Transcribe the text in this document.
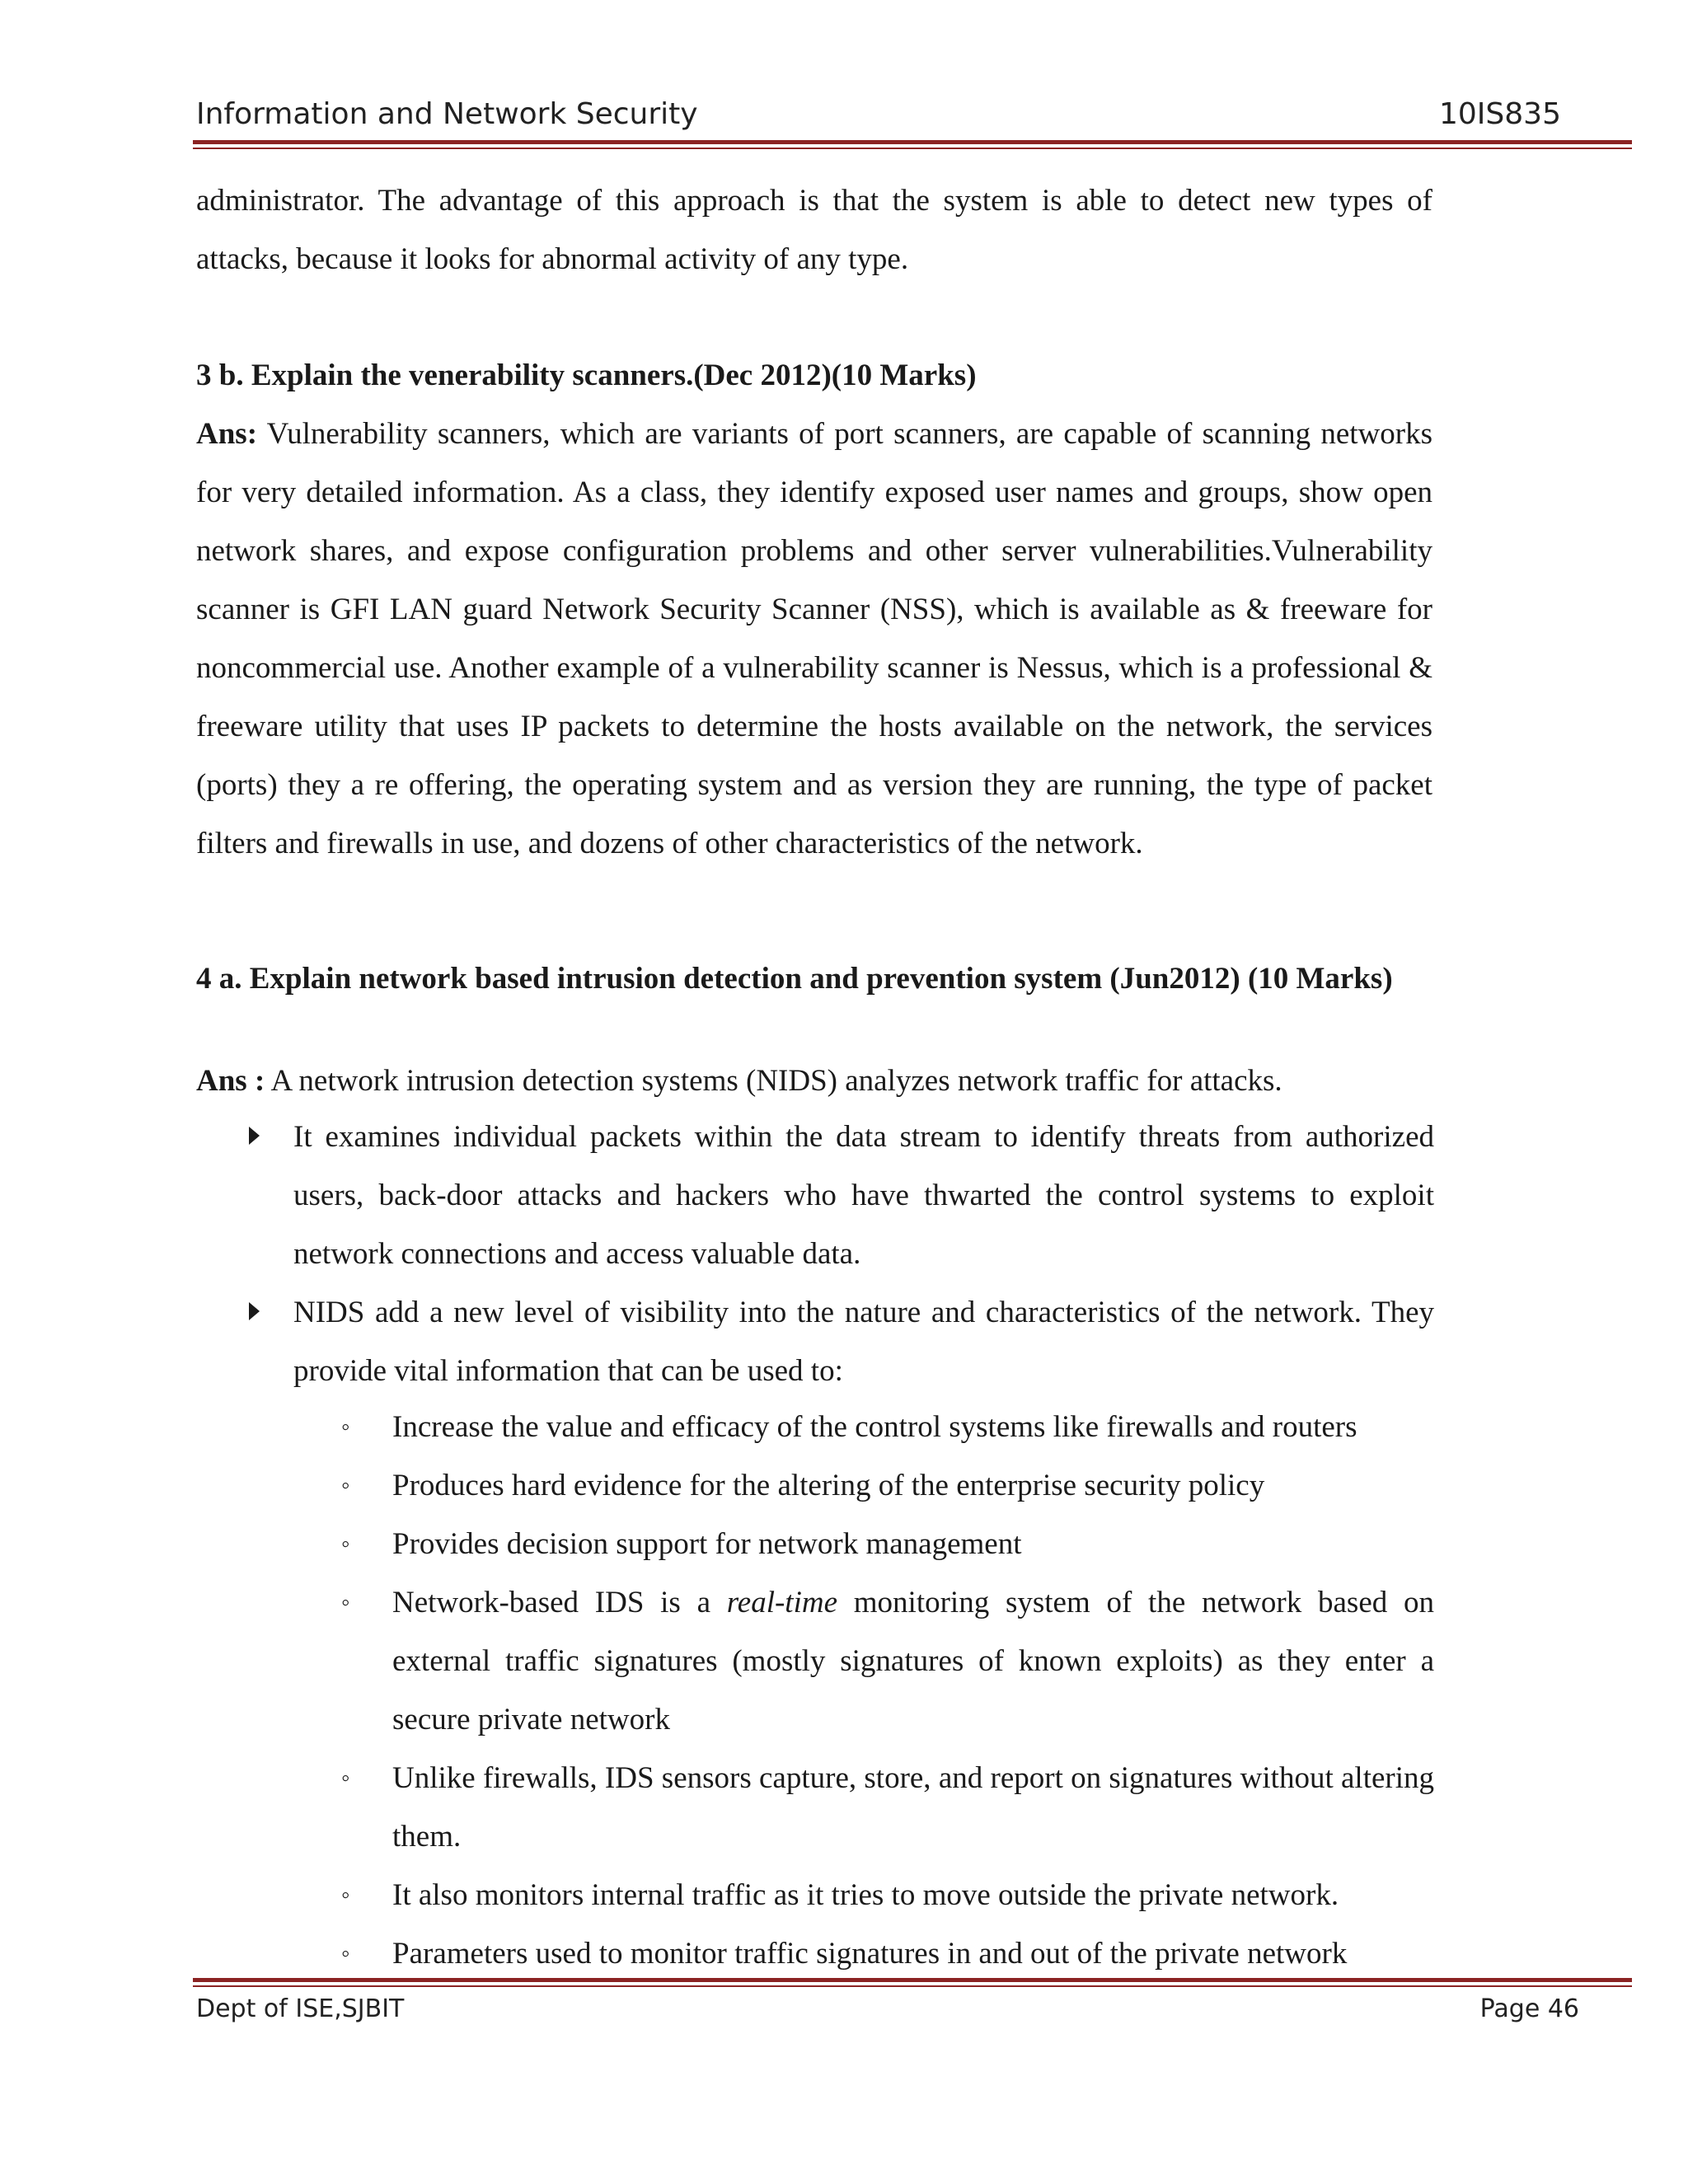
Information and Network Security	10IS835
administrator. The advantage of this approach is that the system is able to detect new types of attacks, because it looks for abnormal activity of any type.
3 b. Explain the venerability scanners.(Dec 2012)(10 Marks)
Ans: Vulnerability scanners, which are variants of port scanners, are capable of scanning networks for very detailed information. As a class, they identify exposed user names and groups, show open network shares, and expose configuration problems and other server vulnerabilities.Vulnerability scanner is GFI LAN guard Network Security Scanner (NSS), which is available as & freeware for noncommercial use. Another example of a vulnerability scanner is Nessus, which is a professional & freeware utility that uses IP packets to determine the hosts available on the network, the services (ports) they a re offering, the operating system and as version they are running, the type of packet filters and firewalls in use, and dozens of other characteristics of the network.
4 a. Explain network based intrusion detection and prevention system (Jun2012) (10 Marks)
Ans : A network intrusion detection systems (NIDS) analyzes network traffic for attacks.
It examines individual packets within the data stream to identify threats from authorized users, back-door attacks and hackers who have thwarted the control systems to exploit network connections and access valuable data.
NIDS add a new level of visibility into the nature and characteristics of the network. They provide vital information that can be used to:
◦ Increase the value and efficacy of the control systems like firewalls and routers
◦ Produces hard evidence for the altering of the enterprise security policy
◦ Provides decision support for network management
◦ Network-based IDS is a real-time monitoring system of the network based on external traffic signatures (mostly signatures of known exploits) as they enter a secure private network
◦ Unlike firewalls, IDS sensors capture, store, and report on signatures without altering them.
◦ It also monitors internal traffic as it tries to move outside the private network.
◦ Parameters used to monitor traffic signatures in and out of the private network
Dept of ISE,SJBIT	Page 46
